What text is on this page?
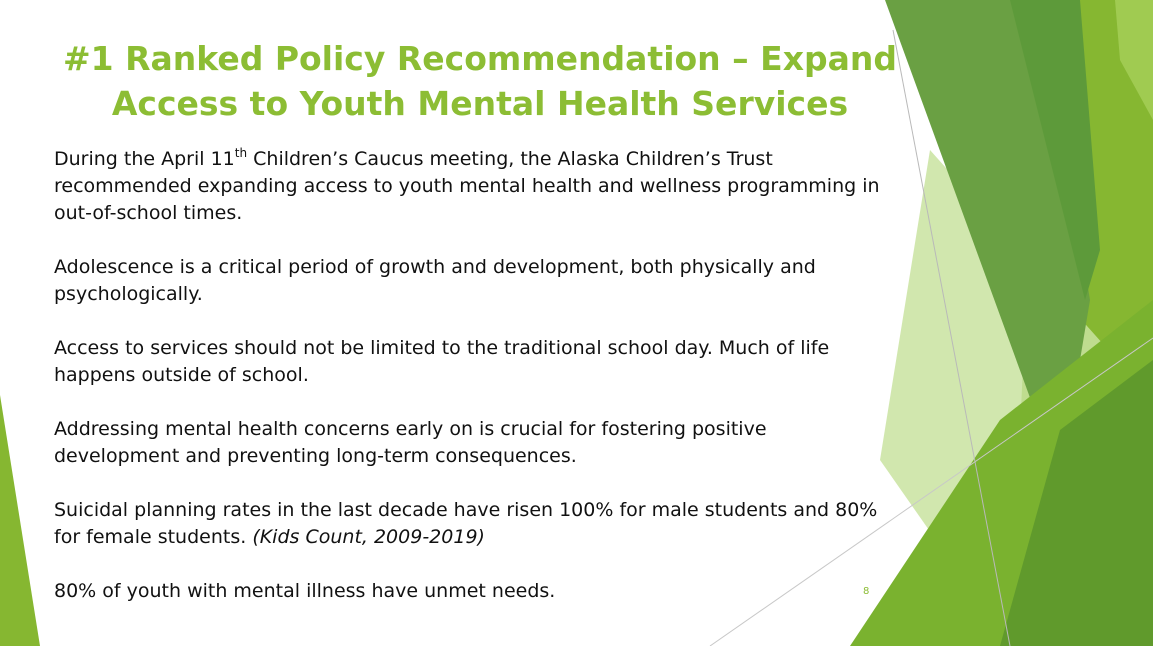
#1 Ranked Policy Recommendation – Expand Access to Youth Mental Health Services

During the April 11th Children’s Caucus meeting, the Alaska Children’s Trust recommended expanding access to youth mental health and wellness programming in out-of-school times.

Adolescence is a critical period of growth and development, both physically and psychologically.

Access to services should not be limited to the traditional school day. Much of life happens outside of school.

Addressing mental health concerns early on is crucial for fostering positive development and preventing long-term consequences.

Suicidal planning rates in the last decade have risen 100% for male students and 80% for female students. (Kids Count, 2009-2019)

80% of youth with mental illness have unmet needs.	8
